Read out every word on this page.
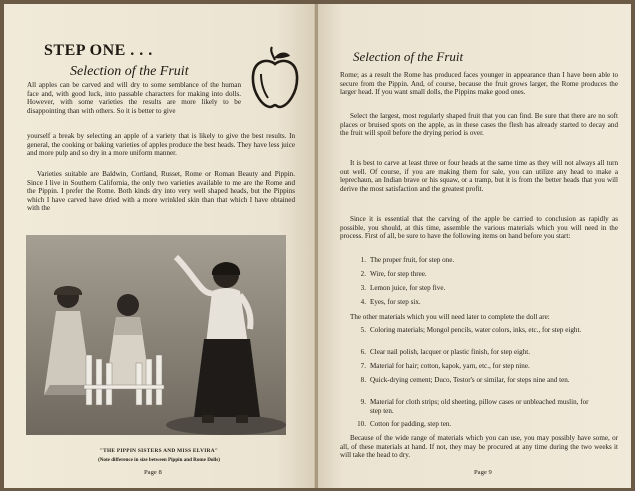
STEP ONE . . .
Selection of the Fruit
All apples can be carved and will dry to some semblance of the human face and, with good luck, into passable characters for making into dolls. However, with some varieties the results are more likely to be disappointing than with others. So it is better to give
yourself a break by selecting an apple of a variety that is likely to give the best results. In general, the cooking or baking varieties of apples produce the best heads. They have less juice and more pulp and so dry in a more uniform manner.
Varieties suitable are Baldwin, Cortland, Russet, Rome or Roman Beauty and Pippin. Since I live in Southern California, the only two varieties available to me are the Rome and the Pippin. I prefer the Rome. Both kinds dry into very well shaped heads, but the Pippins which I have carved have dried with a more wrinkled skin than that which I have obtained with the
"THE PIPPIN SISTERS AND MISS ELVIRA"
(Note difference in size between Pippin and Rome Dolls)
Page 8
Selection of the Fruit
Rome; as a result the Rome has produced faces younger in appearance than I have been able to secure from the Pippin. And, of course, because the fruit grows larger, the Rome produces the larger head. If you want small dolls, the Pippins make good ones.
Select the largest, most regularly shaped fruit that you can find. Be sure that there are no soft places or bruised spots on the apple, as in these cases the flesh has already started to decay and the fruit will spoil before the drying period is over.
It is best to carve at least three or four heads at the same time as they will not always all turn out well. Of course, if you are making them for sale, you can utilize any head to make a leprechaun, an Indian brave or his squaw, or a tramp, but it is from the better heads that you will derive the most satisfaction and the greatest profit.
Since it is essential that the carving of the apple be carried to conclusion as rapidly as possible, you should, at this time, assemble the various materials which you will need in the process. First of all, be sure to have the following items on hand before you start:
1. The proper fruit, for step one.
2. Wire, for step three.
3. Lemon juice, for step five.
4. Eyes, for step six.
The other materials which you will need later to complete the doll are:
5. Coloring materials; Mongol pencils, water colors, inks, etc., for step eight.
6. Clear nail polish, lacquer or plastic finish, for step eight.
7. Material for hair; cotton, kapok, yarn, etc., for step nine.
8. Quick-drying cement; Duco, Testor's or similar, for steps nine and ten.
9. Material for cloth strips; old sheeting, pillow cases or unbleached muslin, for step ten.
10. Cotton for padding, step ten.
Because of the wide range of materials which you can use, you may possibly have some, or all, of these materials at hand. If not, they may be procured at any time during the two weeks it will take the head to dry.
Page 9
